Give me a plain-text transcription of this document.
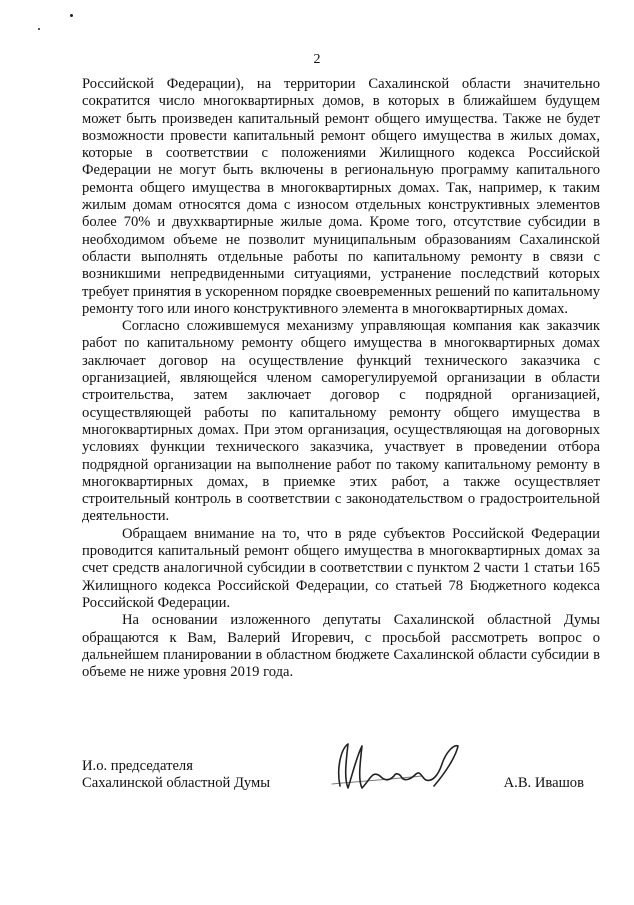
2

Российской Федерации), на территории Сахалинской области значительно сократится число многоквартирных домов, в которых в ближайшем будущем может быть произведен капитальный ремонт общего имущества. Также не будет возможности провести капитальный ремонт общего имущества в жилых домах, которые в соответствии с положениями Жилищного кодекса Российской Федерации не могут быть включены в региональную программу капитального ремонта общего имущества в многоквартирных домах. Так, например, к таким жилым домам относятся дома с износом отдельных конструктивных элементов более 70% и двухквартирные жилые дома. Кроме того, отсутствие субсидии в необходимом объеме не позволит муниципальным образованиям Сахалинской области выполнять отдельные работы по капитальному ремонту в связи с возникшими непредвиденными ситуациями, устранение последствий которых требует принятия в ускоренном порядке своевременных решений по капитальному ремонту того или иного конструктивного элемента в многоквартирных домах.

Согласно сложившемуся механизму управляющая компания как заказчик работ по капитальному ремонту общего имущества в многоквартирных домах заключает договор на осуществление функций технического заказчика с организацией, являющейся членом саморегулируемой организации в области строительства, затем заключает договор с подрядной организацией, осуществляющей работы по капитальному ремонту общего имущества в многоквартирных домах. При этом организация, осуществляющая на договорных условиях функции технического заказчика, участвует в проведении отбора подрядной организации на выполнение работ по такому капитальному ремонту в многоквартирных домах, в приемке этих работ, а также осуществляет строительный контроль в соответствии с законодательством о градостроительной деятельности.

Обращаем внимание на то, что в ряде субъектов Российской Федерации проводится капитальный ремонт общего имущества в многоквартирных домах за счет средств аналогичной субсидии в соответствии с пунктом 2 части 1 статьи 165 Жилищного кодекса Российской Федерации, со статьей 78 Бюджетного кодекса Российской Федерации.

На основании изложенного депутаты Сахалинской областной Думы обращаются к Вам, Валерий Игоревич, с просьбой рассмотреть вопрос о дальнейшем планировании в областном бюджете Сахалинской области субсидии в объеме не ниже уровня 2019 года.

И.о. председателя
Сахалинской областной Думы	А.В. Ивашов
